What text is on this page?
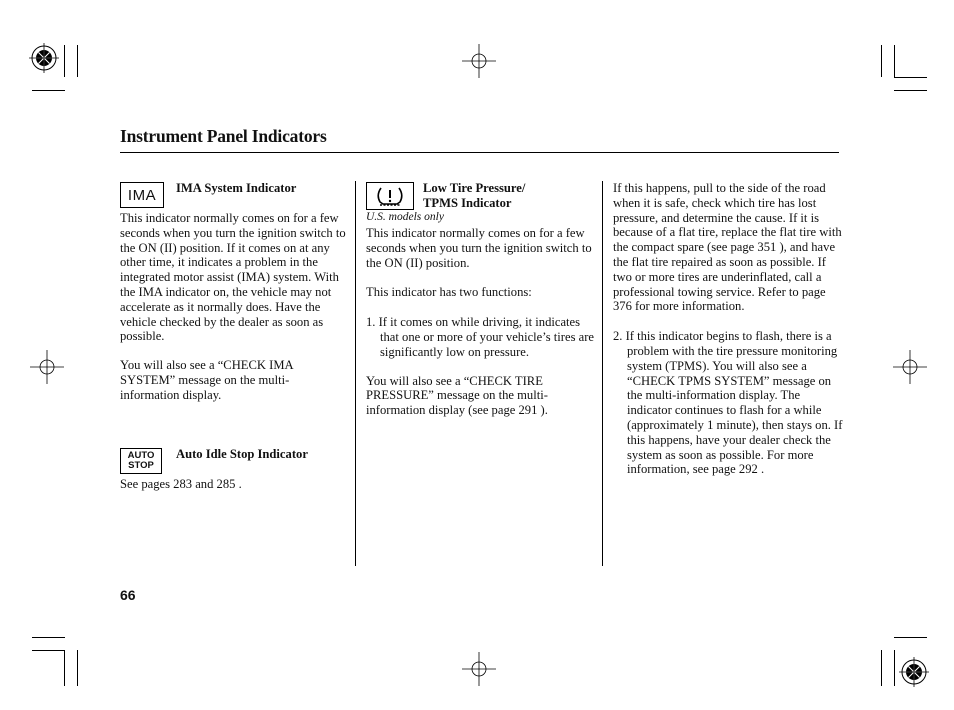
Instrument Panel Indicators
IMA	IMA System Indicator

This indicator normally comes on for a few seconds when you turn the ignition switch to the ON (II) position. If it comes on at any other time, it indicates a problem in the integrated motor assist (IMA) system. With the IMA indicator on, the vehicle may not accelerate as it normally does. Have the vehicle checked by the dealer as soon as possible.

You will also see a “CHECK IMA SYSTEM” message on the multi-information display.

AUTO
STOP
Auto Idle Stop Indicator
See pages 283 and 285 .
Low Tire Pressure/
TPMS Indicator
U.S. models only

This indicator normally comes on for a few seconds when you turn the ignition switch to the ON (II) position.

This indicator has two functions:

1. If it comes on while driving, it indicates that one or more of your vehicle’s tires are significantly low on pressure.

You will also see a “CHECK TIRE PRESSURE” message on the multi-information display (see page 291 ).

If this happens, pull to the side of the road when it is safe, check which tire has lost pressure, and determine the cause. If it is because of a flat tire, replace the flat tire with the compact spare (see page 351 ), and have the flat tire repaired as soon as possible. If two or more tires are underinflated, call a professional towing service. Refer to page 376 for more information.

2. If this indicator begins to flash, there is a problem with the tire pressure monitoring system (TPMS). You will also see a “CHECK TPMS SYSTEM” message on the multi-information display. The indicator continues to flash for a while (approximately 1 minute), then stays on. If this happens, have your dealer check the system as soon as possible. For more information, see page 292 .

66
